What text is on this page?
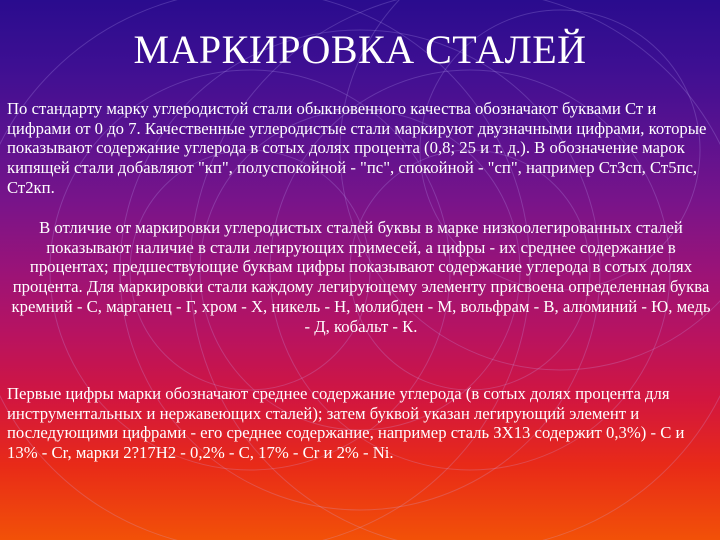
МАРКИРОВКА СТАЛЕЙ

По стандарту марку углеродистой стали обыкновенного качества обозначают буквами Ст и цифрами от 0 до 7. Качественные углеродистые стали маркируют двузначными цифрами, которые показывают содержание углерода в сотых долях процента (0,8; 25 и т. д.). В обозначение марок кипящей стали добавляют "кп", полуспокойной - "пс", спокойной - "сп", например СтЗсп, Ст5пс, Ст2кп.

В отличие от маркировки углеродистых сталей буквы в марке низкоолегированных сталей показывают наличие в стали легирующих примесей, а цифры - их среднее содержание в процентах; предшествующие буквам цифры показывают содержание углерода в сотых долях процента. Для маркировки стали каждому легирующему элементу присвоена определенная буква кремний - С, марганец - Г, хром - Х, никель - Н, молибден - М, вольфрам - В, алюминий - Ю, медь - Д, кобальт - К.

Первые цифры марки обозначают среднее содержание углерода (в сотых долях процента для инструментальных и нержавеющих сталей); затем буквой указан легирующий элемент и последующими цифрами - его среднее содержание, например сталь ЗХ13 содержит 0,3%) - С и 13% - Cr, марки 2?17Н2 - 0,2% - С, 17% - Cr и 2% - Ni.
